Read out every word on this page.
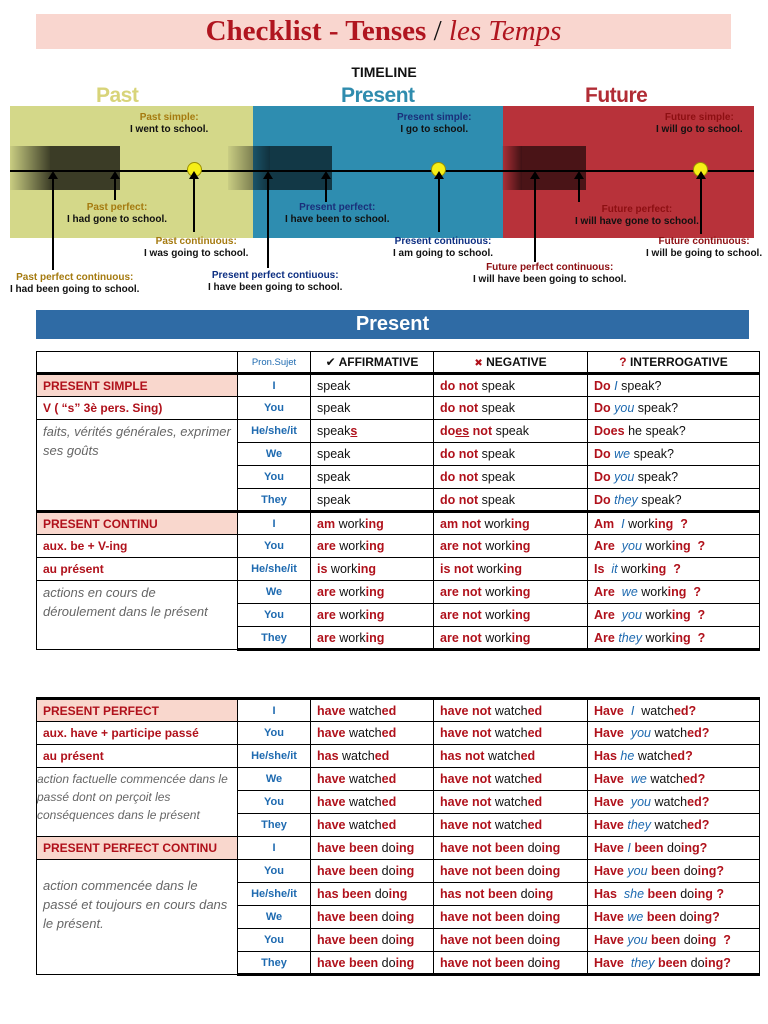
Checklist - Tenses / les Temps
TIMELINE
Past	Present	Future
Past simple:
I went to school.
Past perfect:
I had gone to school.
Past continuous:
I was going to school.
Past perfect continuous:
I had been going to school.
Present simple:
I go to school.
Present perfect:
I have been to school.
Present continuous:
I am going to school.
Present perfect contiuous:
I have been going to school.
Future simple:
I will go to school.
Future perfect:
I will have gone to school.
Future continuous:
I will be going to school.
Future perfect continuous:
I will have been going to school.
Present
	Pron.Sujet	✔ AFFIRMATIVE	✖ NEGATIVE	? INTERROGATIVE
PRESENT SIMPLE	I	speak	do not speak	Do I speak?
V ( “s” 3è pers. Sing)	You	speak	do not speak	Do you speak?
faits, vérités générales, exprimer ses goûts	He/she/it	speaks	does not speak	Does he speak?
	We	speak	do not speak	Do we speak?
	You	speak	do not speak	Do you speak?
	They	speak	do not speak	Do they speak?
PRESENT CONTINU	I	am working	am not working	Am I working ?
aux. be + V-ing	You	are working	are not working	Are you working ?
au présent	He/she/it	is working	is not working	Is it working ?
actions en cours de déroulement dans le présent	We	are working	are not working	Are we working ?
	You	are working	are not working	Are you working ?
	They	are working	are not working	Are they working ?
PRESENT PERFECT	I	have watched	have not watched	Have I watched?
aux. have + participe passé	You	have watched	have not watched	Have you watched?
au présent	He/she/it	has watched	has not watched	Has he watched?
action factuelle commencée dans le passé dont on perçoit les conséquences dans le présent	We	have watched	have not watched	Have we watched?
	You	have watched	have not watched	Have you watched?
	They	have watched	have not watched	Have they watched?
PRESENT PERFECT CONTINU	I	have been doing	have not been doing	Have I been doing?
action commencée dans le passé et toujours en cours dans le présent.	You	have been doing	have not been doing	Have you been doing?
	He/she/it	has been doing	has not been doing	Has she been doing ?
	We	have been doing	have not been doing	Have we been doing?
	You	have been doing	have not been doing	Have you been doing ?
	They	have been doing	have not been doing	Have they been doing?
